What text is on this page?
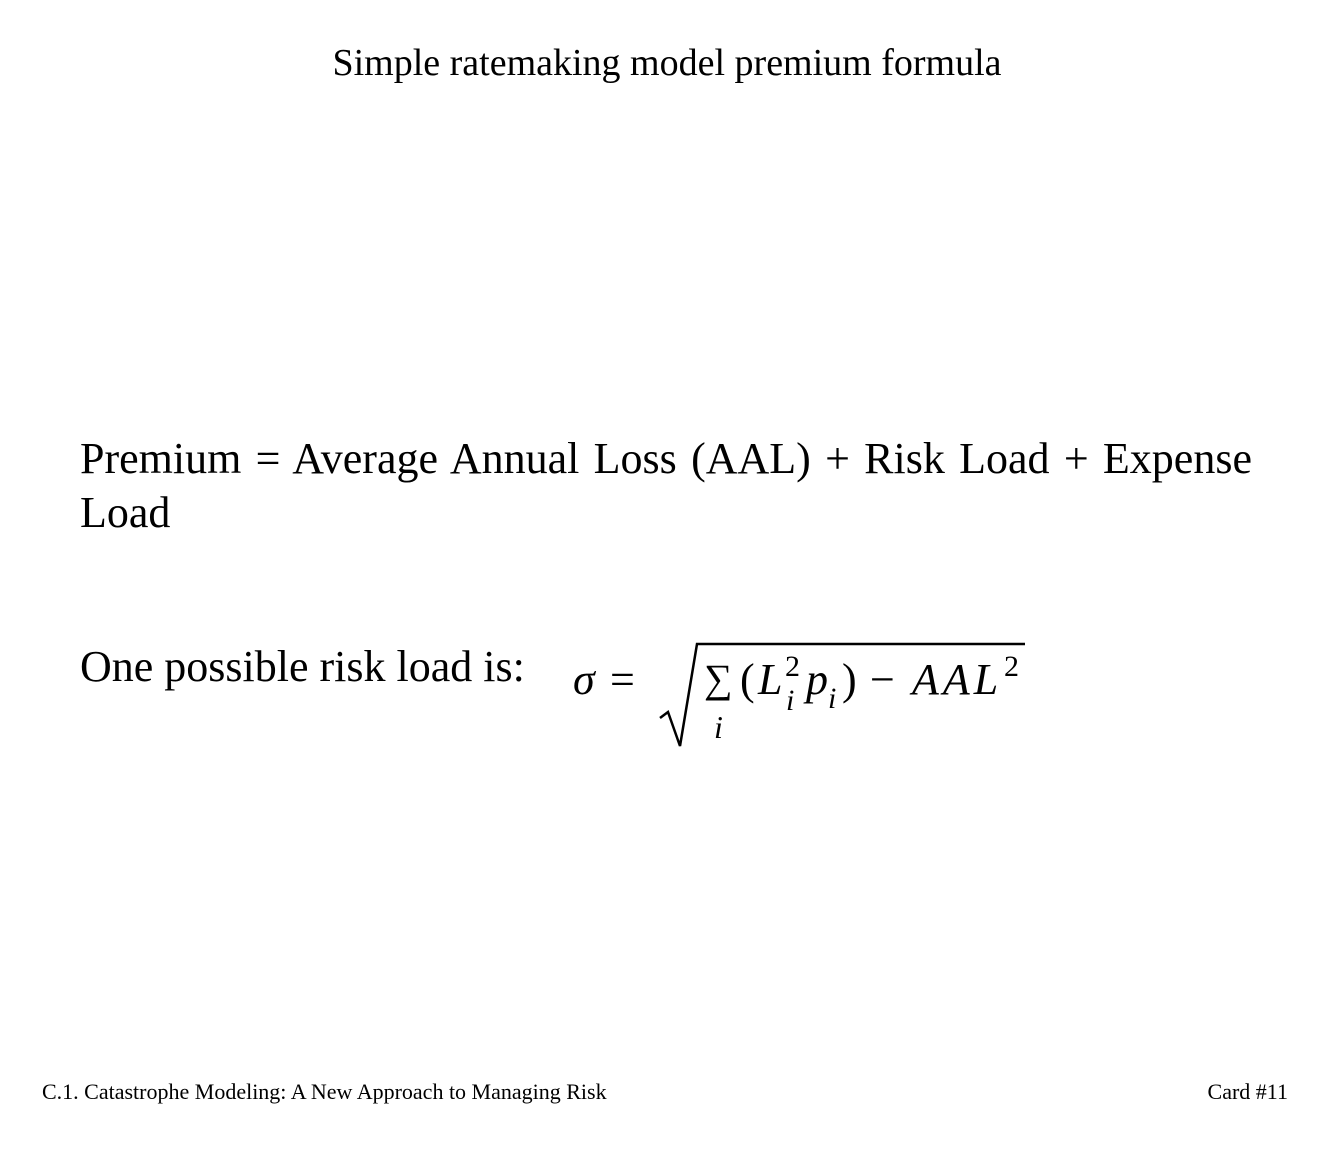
Simple ratemaking model premium formula
Premium = Average Annual Loss (AAL) + Risk Load + Expense Load
One possible risk load is:	σ = ∑
i
( L 2
i p i ) − AAL 2
C.1. Catastrophe Modeling: A New Approach to Managing Risk	Card #11
